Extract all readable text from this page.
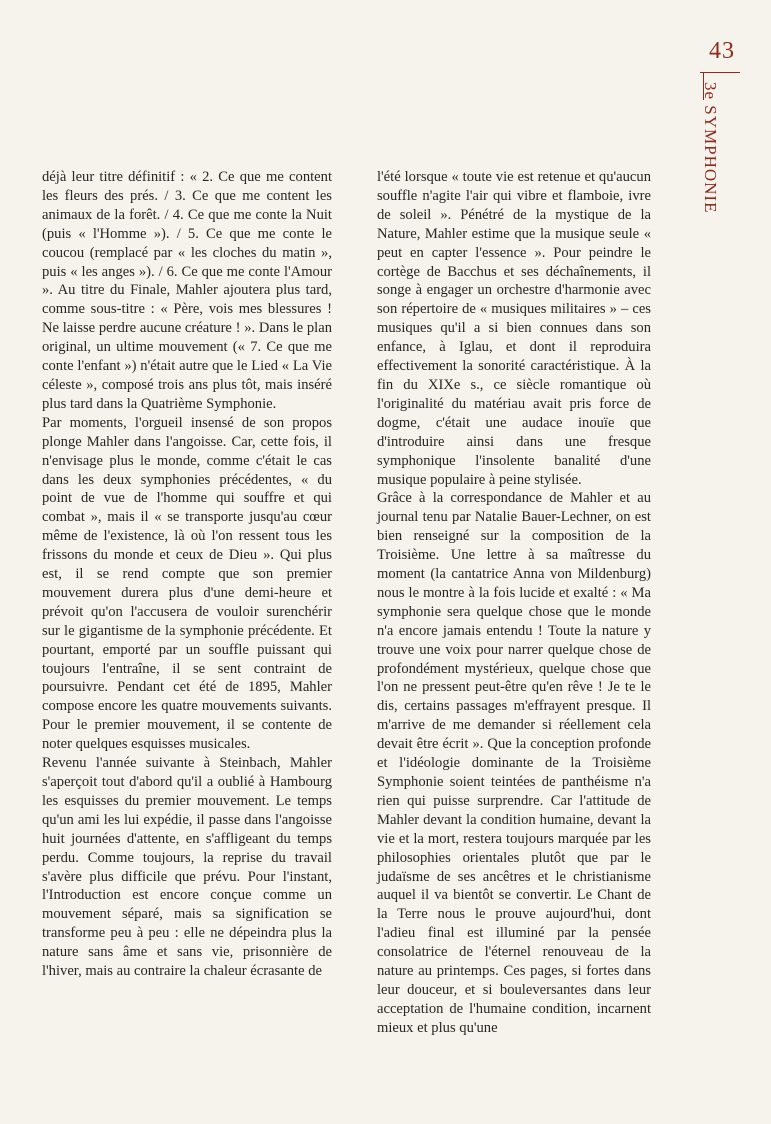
43
3e SYMPHONIE

déjà leur titre définitif : « 2. Ce que me content les fleurs des prés. / 3. Ce que me content les animaux de la forêt. / 4. Ce que me conte la Nuit (puis « l'Homme »). / 5. Ce que me conte le coucou (remplacé par « les cloches du matin », puis « les anges »). / 6. Ce que me conte l'Amour ». Au titre du Finale, Mahler ajoutera plus tard, comme sous-titre : « Père, vois mes blessures ! Ne laisse perdre aucune créature ! ». Dans le plan original, un ultime mouvement (« 7. Ce que me conte l'enfant ») n'était autre que le Lied « La Vie céleste », composé trois ans plus tôt, mais inséré plus tard dans la Quatrième Symphonie.

Par moments, l'orgueil insensé de son propos plonge Mahler dans l'angoisse. Car, cette fois, il n'envisage plus le monde, comme c'était le cas dans les deux symphonies précédentes, « du point de vue de l'homme qui souffre et qui combat », mais il « se transporte jusqu'au cœur même de l'existence, là où l'on ressent tous les frissons du monde et ceux de Dieu ». Qui plus est, il se rend compte que son premier mouvement durera plus d'une demi-heure et prévoit qu'on l'accusera de vouloir surenchérir sur le gigantisme de la symphonie précédente. Et pourtant, emporté par un souffle puissant qui toujours l'entraîne, il se sent contraint de poursuivre. Pendant cet été de 1895, Mahler compose encore les quatre mouvements suivants. Pour le premier mouvement, il se contente de noter quelques esquisses musicales.

Revenu l'année suivante à Steinbach, Mahler s'aperçoit tout d'abord qu'il a oublié à Hambourg les esquisses du premier mouvement. Le temps qu'un ami les lui expédie, il passe dans l'angoisse huit journées d'attente, en s'affligeant du temps perdu. Comme toujours, la reprise du travail s'avère plus difficile que prévu. Pour l'instant, l'Introduction est encore conçue comme un mouvement séparé, mais sa signification se transforme peu à peu : elle ne dépeindra plus la nature sans âme et sans vie, prisonnière de l'hiver, mais au contraire la chaleur écrasante de

l'été lorsque « toute vie est retenue et qu'aucun souffle n'agite l'air qui vibre et flamboie, ivre de soleil ». Pénétré de la mystique de la Nature, Mahler estime que la musique seule « peut en capter l'essence ». Pour peindre le cortège de Bacchus et ses déchaînements, il songe à engager un orchestre d'harmonie avec son répertoire de « musiques militaires » – ces musiques qu'il a si bien connues dans son enfance, à Iglau, et dont il reproduira effectivement la sonorité caractéristique. À la fin du XIXe s., ce siècle romantique où l'originalité du matériau avait pris force de dogme, c'était une audace inouïe que d'introduire ainsi dans une fresque symphonique l'insolente banalité d'une musique populaire à peine stylisée.

Grâce à la correspondance de Mahler et au journal tenu par Natalie Bauer-Lechner, on est bien renseigné sur la composition de la Troisième. Une lettre à sa maîtresse du moment (la cantatrice Anna von Mildenburg) nous le montre à la fois lucide et exalté : « Ma symphonie sera quelque chose que le monde n'a encore jamais entendu ! Toute la nature y trouve une voix pour narrer quelque chose de profondément mystérieux, quelque chose que l'on ne pressent peut-être qu'en rêve ! Je te le dis, certains passages m'effrayent presque. Il m'arrive de me demander si réellement cela devait être écrit ». Que la conception profonde et l'idéologie dominante de la Troisième Symphonie soient teintées de panthéisme n'a rien qui puisse surprendre. Car l'attitude de Mahler devant la condition humaine, devant la vie et la mort, restera toujours marquée par les philosophies orientales plutôt que par le judaïsme de ses ancêtres et le christianisme auquel il va bientôt se convertir. Le Chant de la Terre nous le prouve aujourd'hui, dont l'adieu final est illuminé par la pensée consolatrice de l'éternel renouveau de la nature au printemps. Ces pages, si fortes dans leur douceur, et si bouleversantes dans leur acceptation de l'humaine condition, incarnent mieux et plus qu'une
